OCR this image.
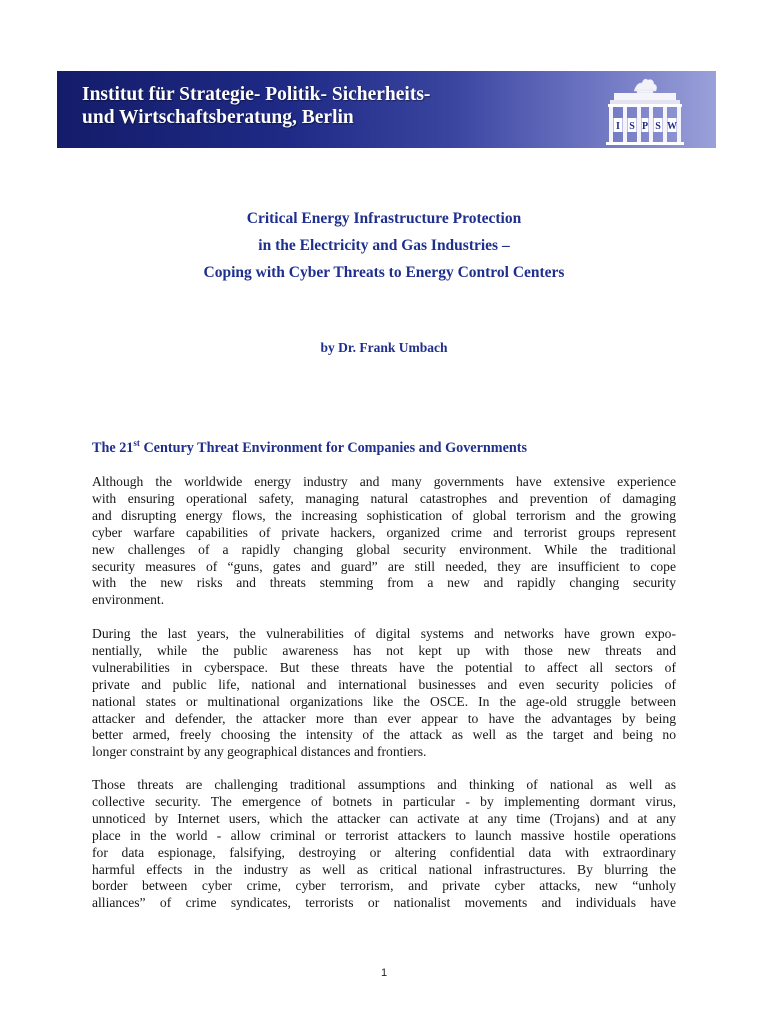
Institut für Strategie- Politik- Sicherheits-
und Wirtschaftsberatung, Berlin	I S P S W
Critical Energy Infrastructure Protection
in the Electricity and Gas Industries –
Coping with Cyber Threats to Energy Control Centers
by Dr. Frank Umbach
The 21st Century Threat Environment for Companies and Governments
Although the worldwide energy industry and many governments have extensive experience
with ensuring operational safety, managing natural catastrophes and prevention of damaging
and disrupting energy flows, the increasing sophistication of global terrorism and the growing
cyber warfare capabilities of private hackers, organized crime and terrorist groups represent
new challenges of a rapidly changing global security environment. While the traditional
security measures of “guns, gates and guard” are still needed, they are insufficient to cope
with the new risks and threats stemming from a new and rapidly changing security
environment.
During the last years, the vulnerabilities of digital systems and networks have grown expo-
nentially, while the public awareness has not kept up with those new threats and
vulnerabilities in cyberspace. But these threats have the potential to affect all sectors of
private and public life, national and international businesses and even security policies of
national states or multinational organizations like the OSCE. In the age-old struggle between
attacker and defender, the attacker more than ever appear to have the advantages by being
better armed, freely choosing the intensity of the attack as well as the target and being no
longer constraint by any geographical distances and frontiers.
Those threats are challenging traditional assumptions and thinking of national as well as
collective security. The emergence of botnets in particular - by implementing dormant virus,
unnoticed by Internet users, which the attacker can activate at any time (Trojans) and at any
place in the world - allow criminal or terrorist attackers to launch massive hostile operations
for data espionage, falsifying, destroying or altering confidential data with extraordinary
harmful effects in the industry as well as critical national infrastructures. By blurring the
border between cyber crime, cyber terrorism, and private cyber attacks, new “unholy
alliances” of crime syndicates, terrorists or nationalist movements and individuals have
1
